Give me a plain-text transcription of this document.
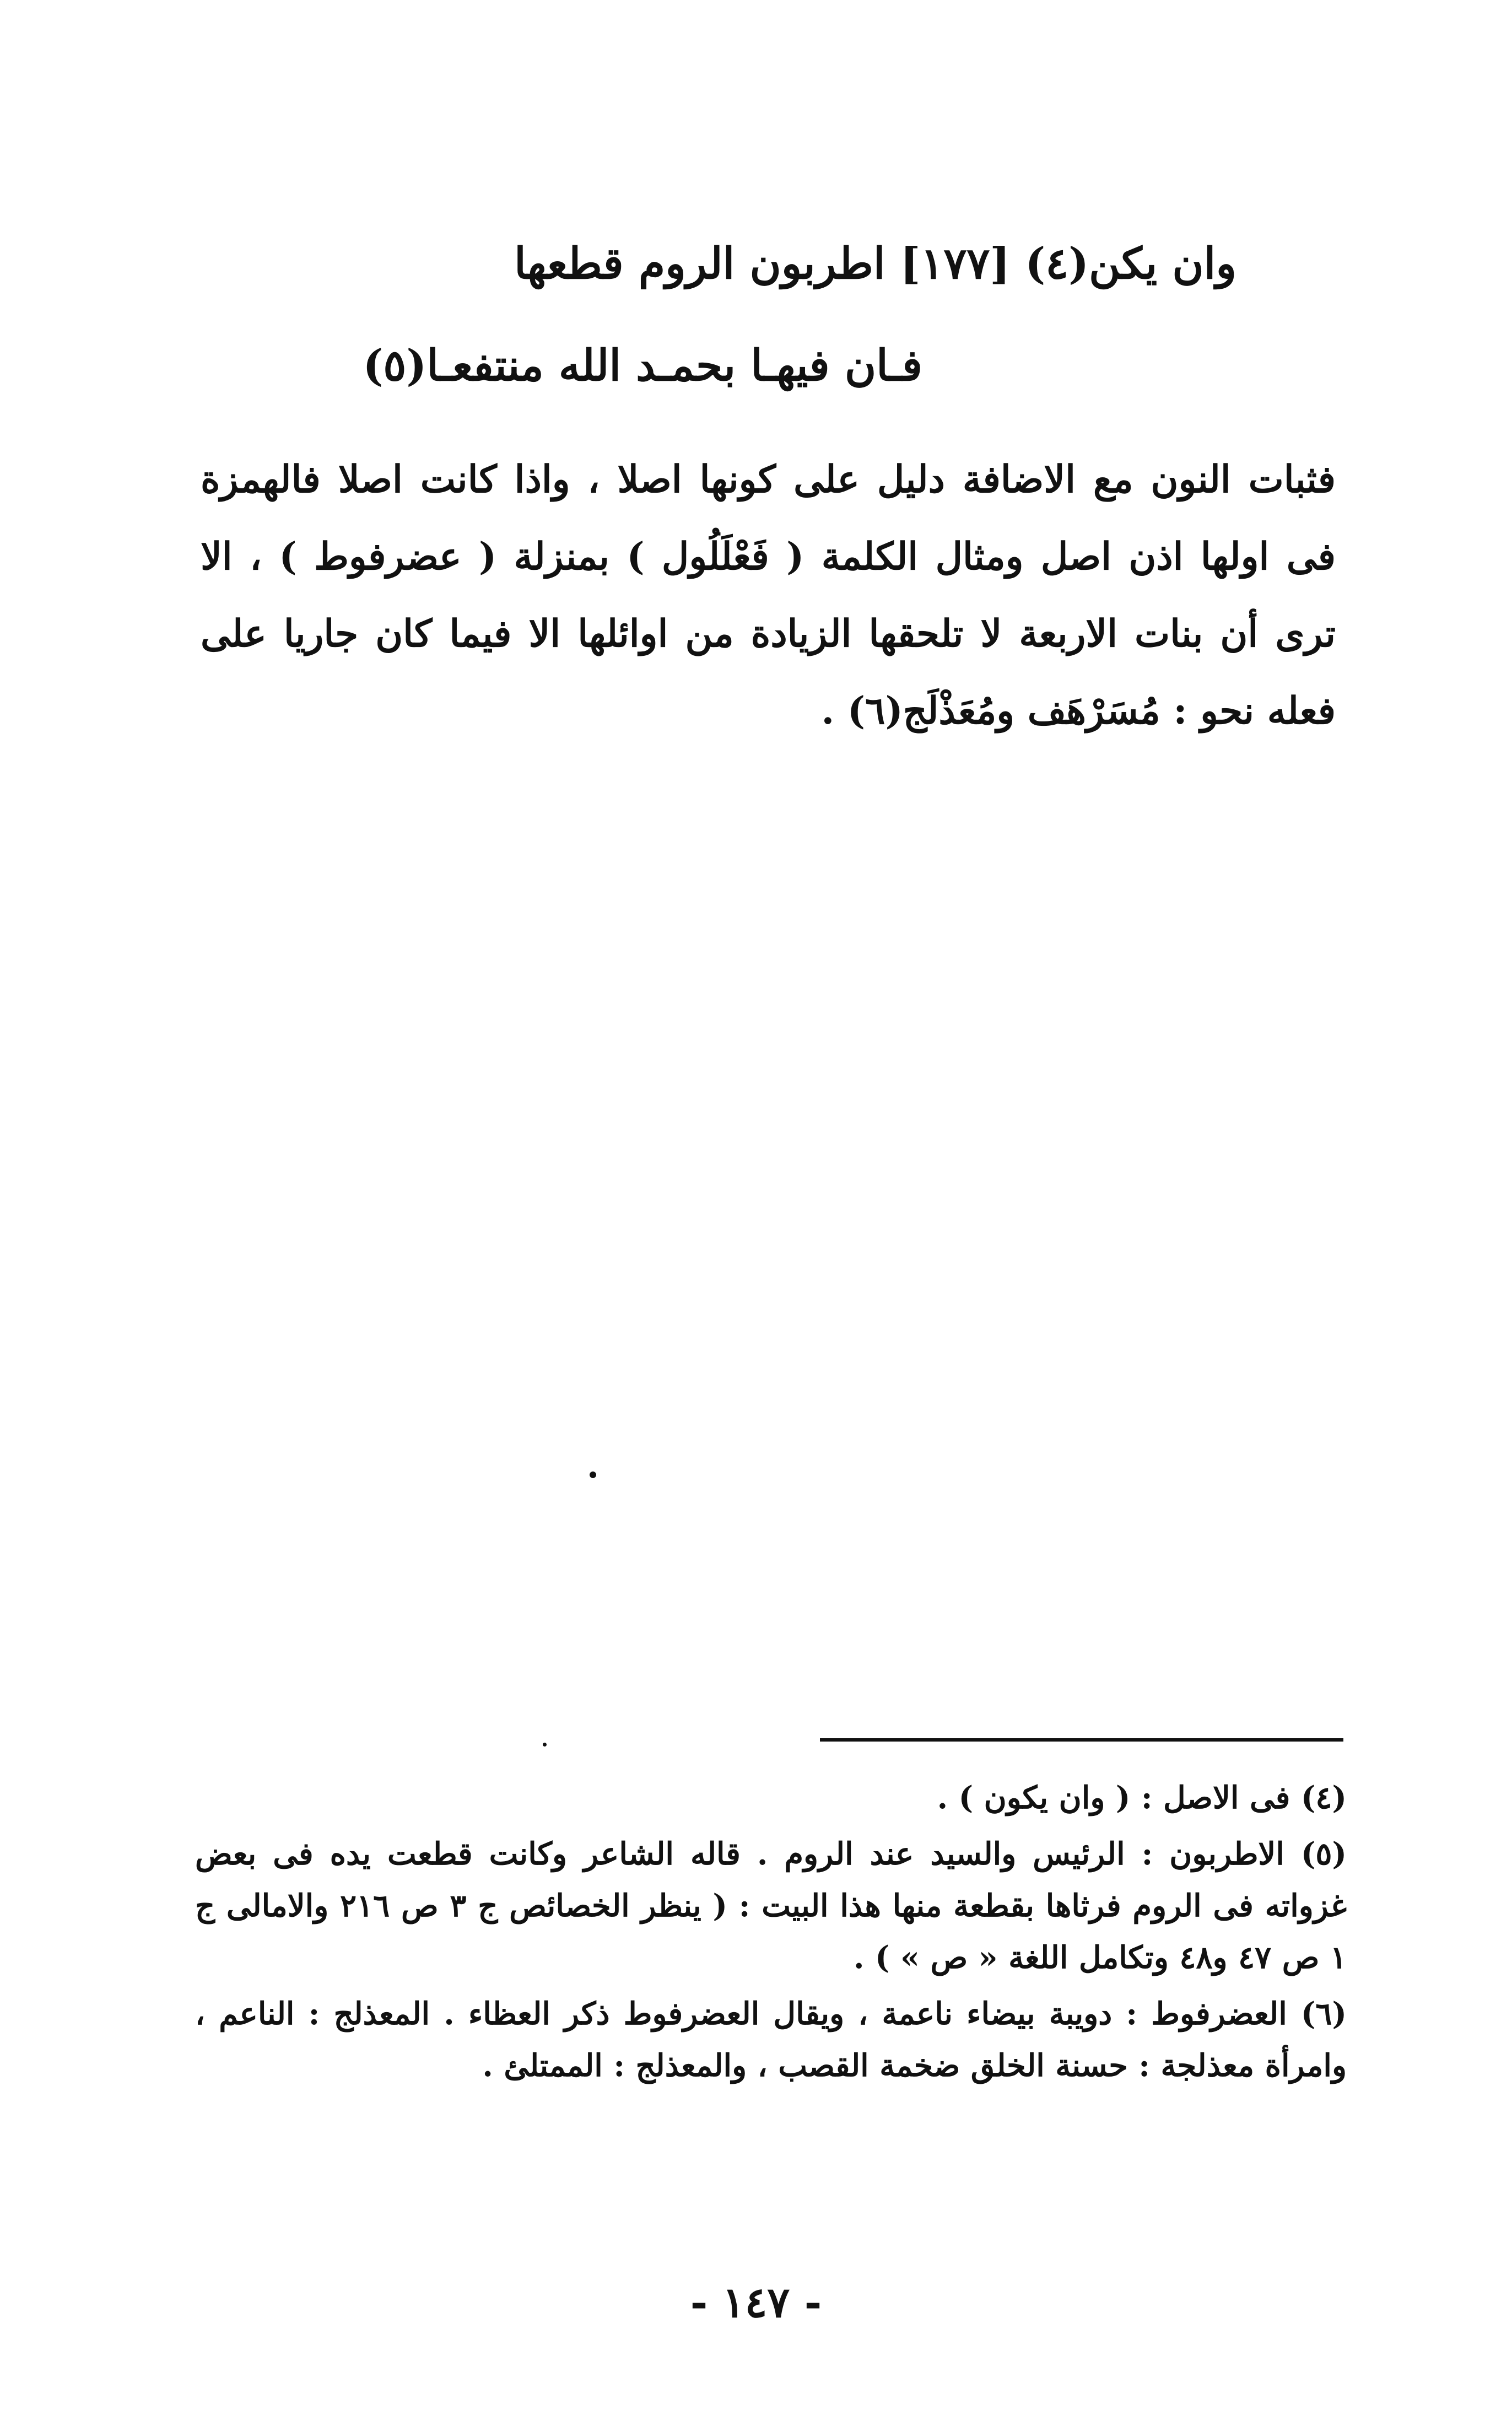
وان يكن(٤) [١٧٧] اطربون الروم قطعها
فـان فيهـا بحمـد الله منتفعـا(٥)

فثبات النون مع الاضافة دليل على كونها اصلا ، واذا كانت اصلا فالهمزة فى اولها اذن اصل ومثال الكلمة ( فَعْلَلُول ) بمنزلة ( عضرفوط ) ، الا ترى أن بنات الاربعة لا تلحقها الزيادة من اوائلها الا فيما كان جاريا على فعله نحو : مُسَرْهَف ومُعَذْلَج(٦) .

(٤) فى الاصل : ( وان يكون ) .

(٥) الاطربون : الرئيس والسيد عند الروم . قاله الشاعر وكانت قطعت يده فى بعض غزواته فى الروم فرثاها بقطعة منها هذا البيت : ( ينظر الخصائص ج ٣ ص ٢١٦ والامالى ج ١ ص ٤٧ و٤٨ وتكامل اللغة « ص » ) .

(٦) العضرفوط : دويبة بيضاء ناعمة ، ويقال العضرفوط ذكر العظاء . المعذلج : الناعم ، وامرأة معذلجة : حسنة الخلق ضخمة القصب ، والمعذلج : الممتلئ .

- ١٤٧ -
